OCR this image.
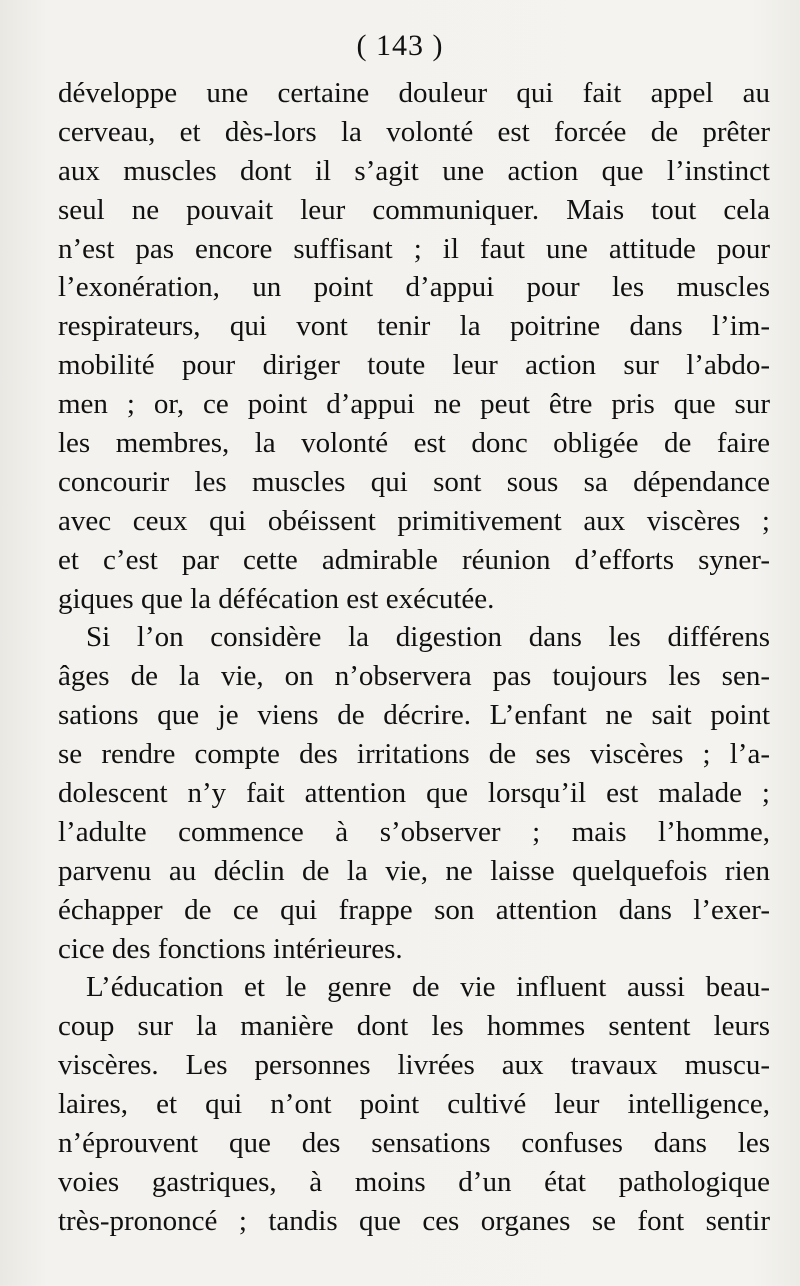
( 143 )
développe une certaine douleur qui fait appel au
cerveau, et dès-lors la volonté est forcée de prêter
aux muscles dont il s’agit une action que l’instinct
seul ne pouvait leur communiquer. Mais tout cela
n’est pas encore suffisant ; il faut une attitude pour
l’exonération, un point d’appui pour les muscles
respirateurs, qui vont tenir la poitrine dans l’im-
mobilité pour diriger toute leur action sur l’abdo-
men ; or, ce point d’appui ne peut être pris que sur
les membres, la volonté est donc obligée de faire
concourir les muscles qui sont sous sa dépendance
avec ceux qui obéissent primitivement aux viscères ;
et c’est par cette admirable réunion d’efforts syner-
giques que la défécation est exécutée.
Si l’on considère la digestion dans les différens
âges de la vie, on n’observera pas toujours les sen-
sations que je viens de décrire. L’enfant ne sait point
se rendre compte des irritations de ses viscères ; l’a-
dolescent n’y fait attention que lorsqu’il est malade ;
l’adulte commence à s’observer ; mais l’homme,
parvenu au déclin de la vie, ne laisse quelquefois rien
échapper de ce qui frappe son attention dans l’exer-
cice des fonctions intérieures.
L’éducation et le genre de vie influent aussi beau-
coup sur la manière dont les hommes sentent leurs
viscères. Les personnes livrées aux travaux muscu-
laires, et qui n’ont point cultivé leur intelligence,
n’éprouvent que des sensations confuses dans les
voies gastriques, à moins d’un état pathologique
très-prononcé ; tandis que ces organes se font sentir
